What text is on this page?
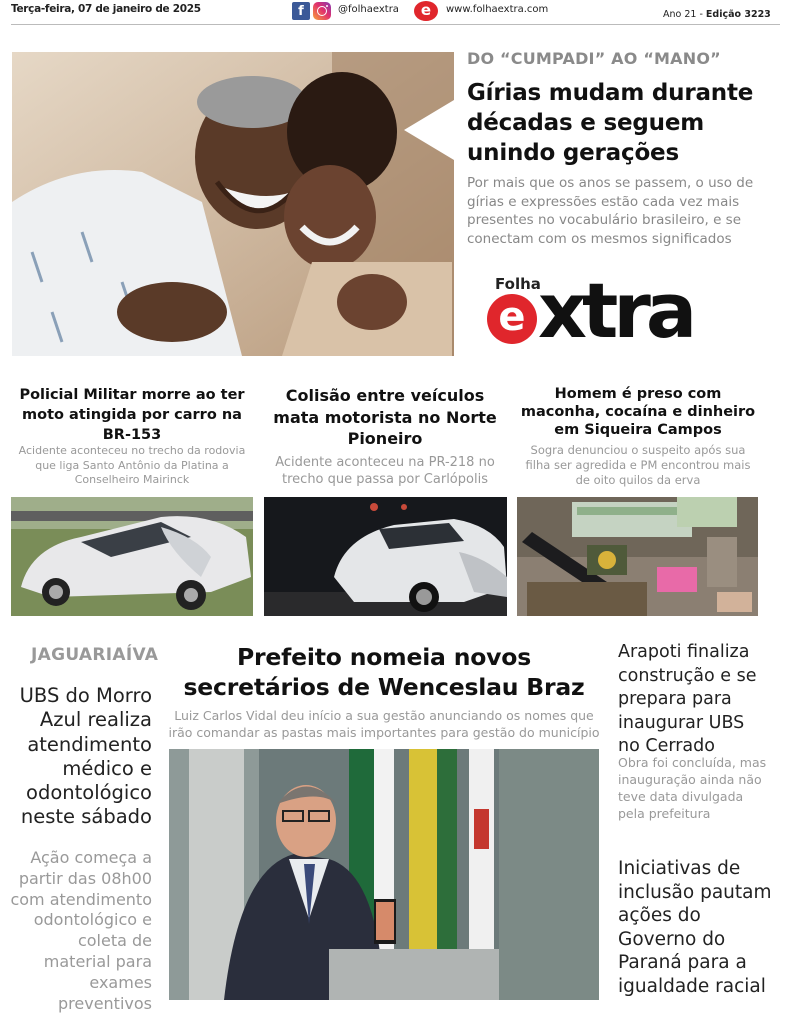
Terça-feira, 07 de janeiro de 2025	f	@folhaextra	e	www.folhaextra.com	Ano 21 - Edição 3223
DO “CUMPADI” AO “MANO”
Gírias mudam durante décadas e seguem unindo gerações
Por mais que os anos se passem, o uso de gírias e expressões estão cada vez mais presentes no vocabulário brasileiro, e se conectam com os mesmos significados
Folha
e xtra
Policial Militar morre ao ter moto atingida por carro na BR-153
Acidente aconteceu no trecho da rodovia que liga Santo Antônio da Platina a Conselheiro Mairinck
Colisão entre veículos mata motorista no Norte Pioneiro
Acidente aconteceu na PR-218 no trecho que passa por Carlópolis
Homem é preso com maconha, cocaína e dinheiro em Siqueira Campos
Sogra denunciou o suspeito após sua filha ser agredida e PM encontrou mais de oito quilos da erva
JAGUARIAÍVA
UBS do Morro Azul realiza atendimento médico e odontológico neste sábado
Ação começa a partir das 08h00 com atendimento odontológico e coleta de material para exames preventivos
Prefeito nomeia novos secretários de Wenceslau Braz
Luiz Carlos Vidal deu início a sua gestão anunciando os nomes que irão comandar as pastas mais importantes para gestão do município
Arapoti finaliza construção e se prepara para inaugurar UBS no Cerrado
Obra foi concluída, mas inauguração ainda não teve data divulgada pela prefeitura
Iniciativas de inclusão pautam ações do Governo do Paraná para a igualdade racial
